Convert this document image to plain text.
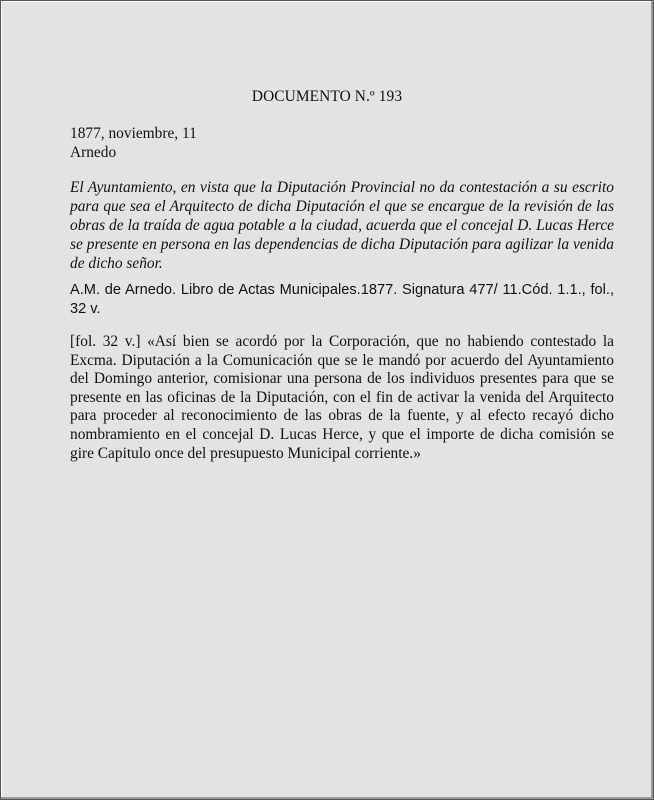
DOCUMENTO N.º 193
1877, noviembre, 11
Arnedo
El Ayuntamiento, en vista que la Diputación Provincial no da contestación a su escrito para que sea el Arquitecto de dicha Diputación el que se encargue de la revisión de las obras de la traída de agua potable a la ciudad, acuerda que el concejal D. Lucas Herce se presente en persona en las dependencias de dicha Diputación para agilizar la venida de dicho señor.
A.M. de Arnedo. Libro de Actas Municipales.1877. Signatura 477/ 11.Cód. 1.1., fol., 32 v.
[fol. 32 v.] «Así bien se acordó por la Corporación, que no habiendo contestado la Excma. Diputación a la Comunicación que se le mandó por acuerdo del Ayuntamiento del Domingo anterior, comisionar una persona de los individuos presentes para que se presente en las oficinas de la Diputación, con el fin de activar la venida del Arquitecto para proceder al reconocimiento de las obras de la fuente, y al efecto recayó dicho nombramiento en el concejal D. Lucas Herce, y que el importe de dicha comisión se gire Capitulo once del presupuesto Municipal corriente.»
